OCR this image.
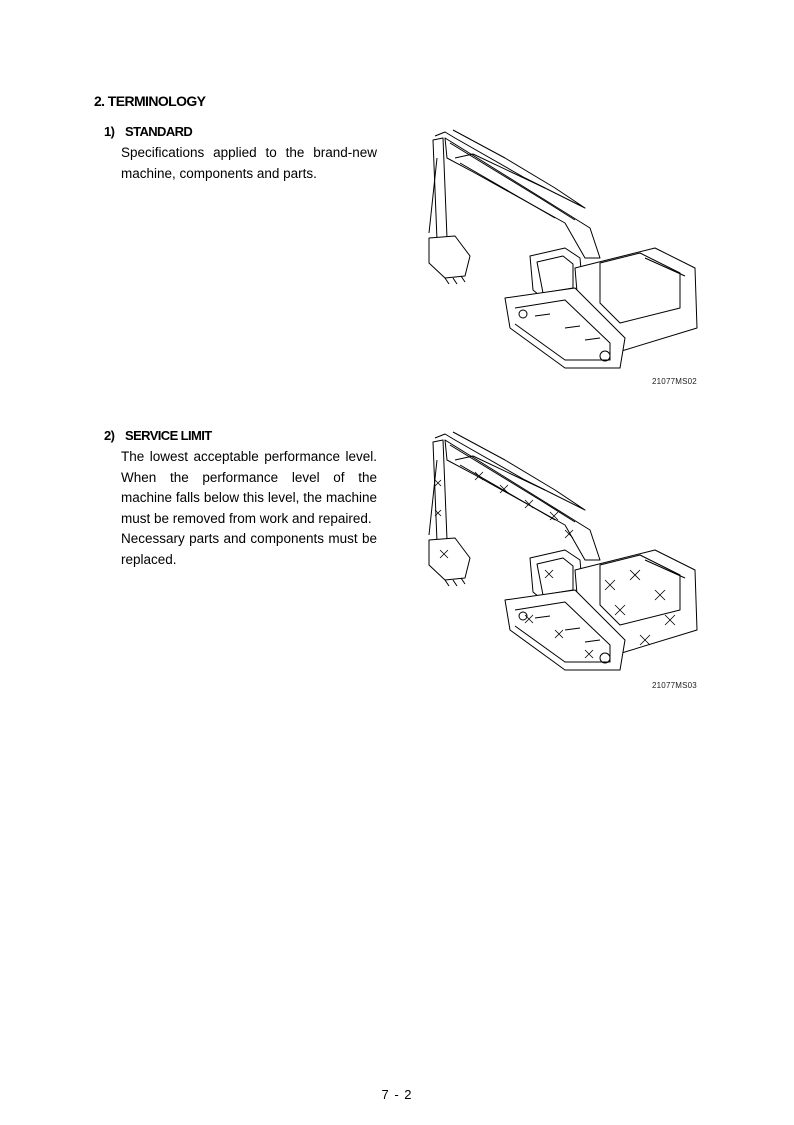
2. TERMINOLOGY
1) STANDARD

Specifications applied to the brand-new machine, components and parts.

21077MS02
2) SERVICE LIMIT

The lowest acceptable performance level. When the performance level of the machine falls below this level, the machine must be removed from work and repaired.

Necessary parts and components must be replaced.

21077MS03
7 - 2
